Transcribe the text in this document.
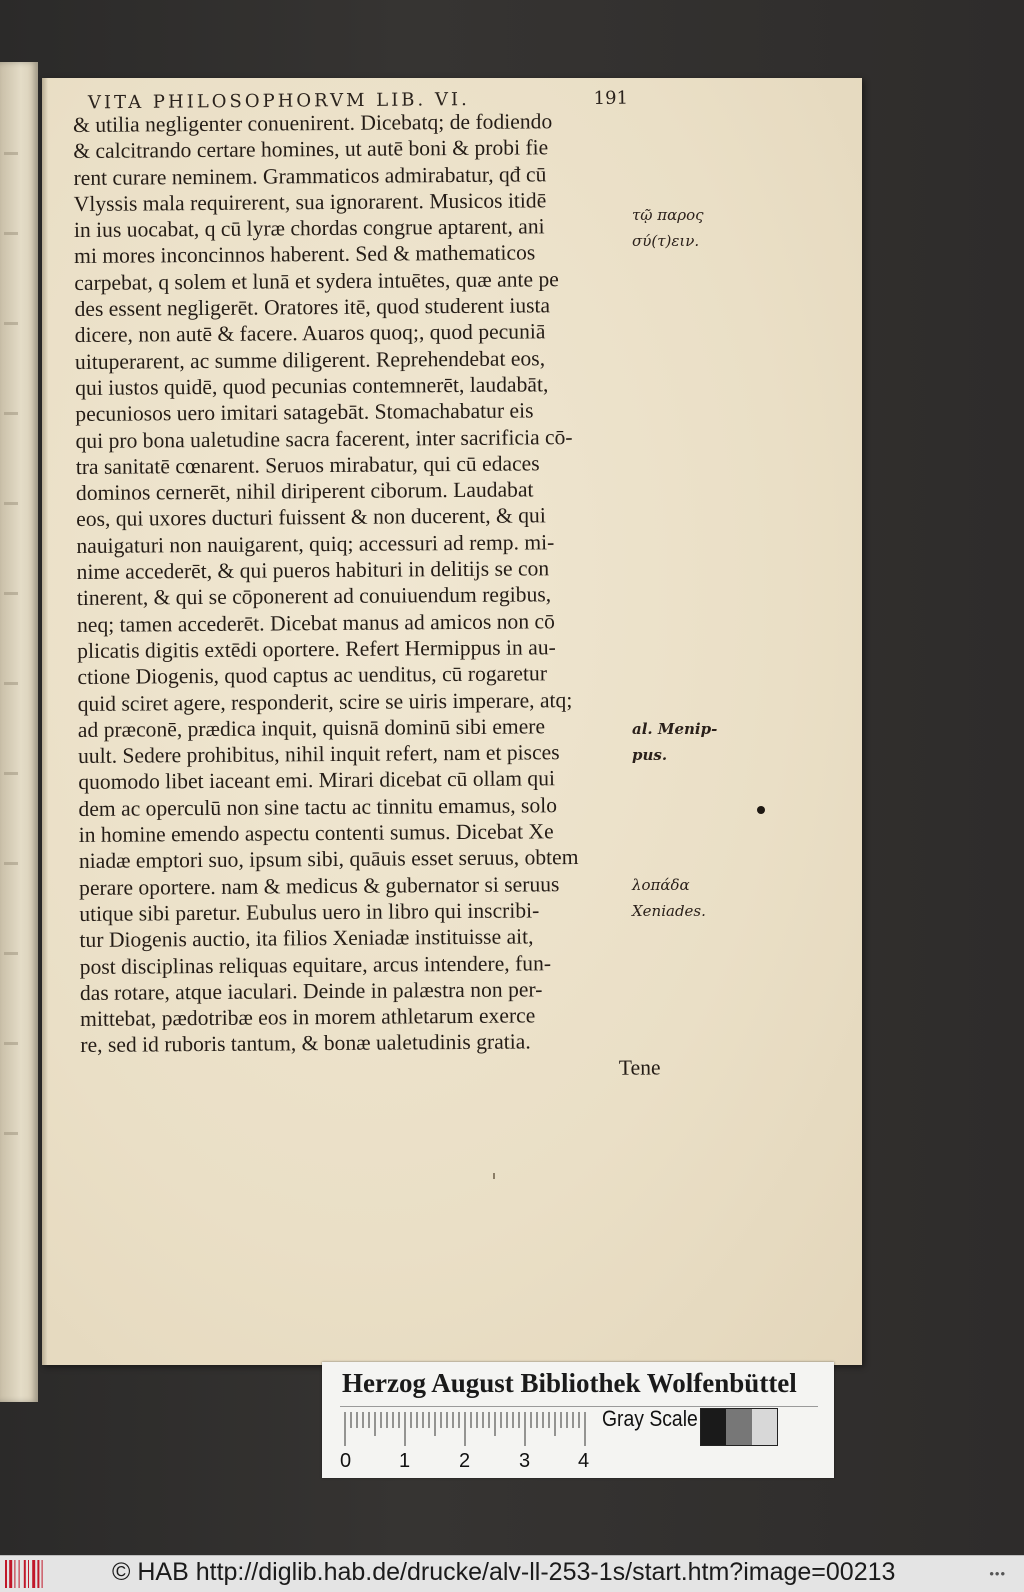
VITA PHILOSOPHORVM LIB. VI.	191
& utilia negligenter conuenirent. Dicebatq; de fodiendo
& calcitrando certare homines, ut autē boni & probi fie
rent curare neminem. Grammaticos admirabatur, qđ cū
Vlyssis mala requirerent, sua ignorarent. Musicos itidē
in ius uocabat, q cū lyræ chordas congrue aptarent, ani
mi mores inconcinnos haberent. Sed & mathematicos
carpebat, q solem et lunā et sydera intuētes, quæ ante pe
des essent negligerēt. Oratores itē, quod studerent iusta
dicere, non autē & facere. Auaros quoq;, quod pecuniā
uituperarent, ac summe diligerent. Reprehendebat eos,
qui iustos quidē, quod pecunias contemnerēt, laudabāt,
pecuniosos uero imitari satagebāt. Stomachabatur eis
qui pro bona ualetudine sacra facerent, inter sacrificia cō-
tra sanitatē cœnarent. Seruos mirabatur, qui cū edaces
dominos cernerēt, nihil diriperent ciborum. Laudabat
eos, qui uxores ducturi fuissent & non ducerent, & qui
nauigaturi non nauigarent, quiq; accessuri ad remp. mi-
nime accederēt, & qui pueros habituri in delitijs se con
tinerent, & qui se cōponerent ad conuiuendum regibus,
neq; tamen accederēt. Dicebat manus ad amicos non cō
plicatis digitis extēdi oportere. Refert Hermippus in au-
ctione Diogenis, quod captus ac uenditus, cū rogaretur
quid sciret agere, responderit, scire se uiris imperare, atq;
ad præconē, prædica inquit, quisnā dominū sibi emere
uult. Sedere prohibitus, nihil inquit refert, nam et pisces
quomodo libet iaceant emi. Mirari dicebat cū ollam qui
dem ac operculū non sine tactu ac tinnitu emamus, solo
in homine emendo aspectu contenti sumus. Dicebat Xe
niadæ emptori suo, ipsum sibi, quāuis esset seruus, obtem
perare oportere. nam & medicus & gubernator si seruus
utique sibi paretur. Eubulus uero in libro qui inscribi-
tur Diogenis auctio, ita filios Xeniadæ instituisse ait,
post disciplinas reliquas equitare, arcus intendere, fun-
das rotare, atque iaculari. Deinde in palæstra non per-
mittebat, pædotribæ eos in morem athletarum exerce
re, sed id ruboris tantum, & bonæ ualetudinis gratia.
Tene
τῷ παρος
σύ(τ)ειν.
al. Menip-
pus.
λοπάδα
Xeniades.
Herzog August Bibliothek Wolfenbüttel
0 1 2 3 4
Gray Scale
© HAB http://diglib.hab.de/drucke/alv-ll-253-1s/start.htm?image=00213	•••
